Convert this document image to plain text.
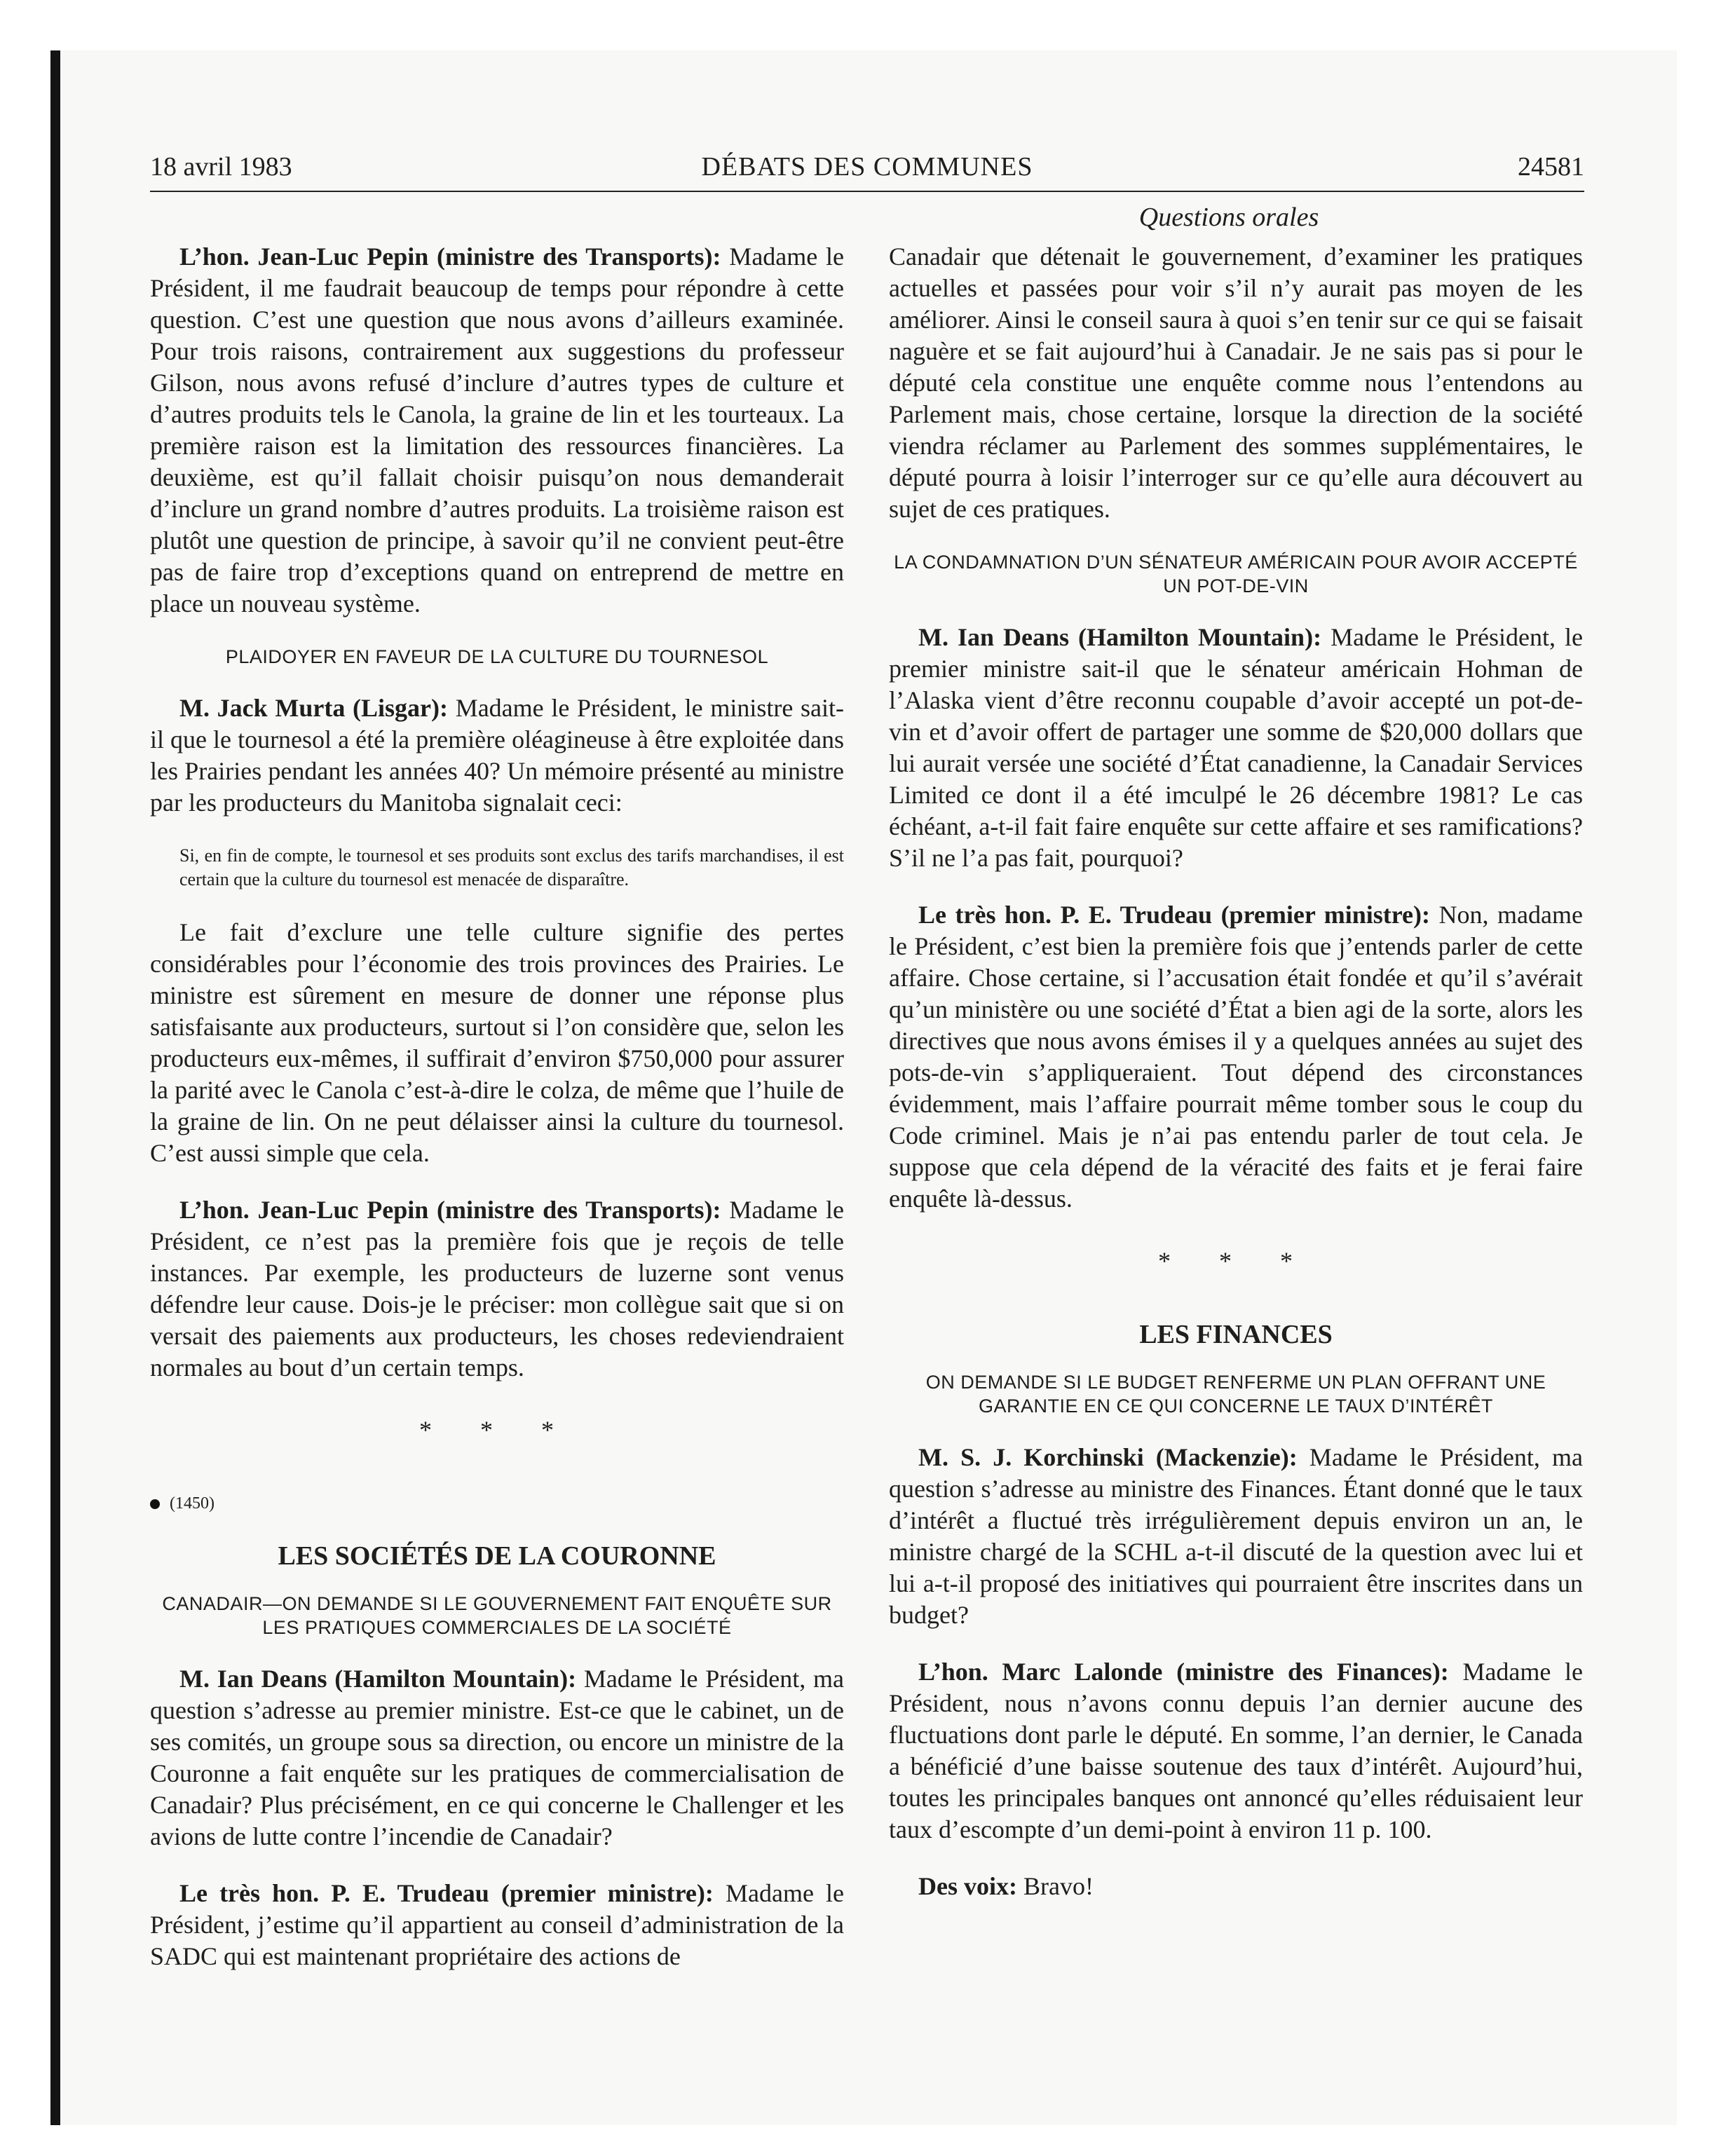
18 avril 1983	DÉBATS DES COMMUNES	24581
Questions orales

L’hon. Jean-Luc Pepin (ministre des Transports): Madame le Président, il me faudrait beaucoup de temps pour répondre à cette question. C’est une question que nous avons d’ailleurs examinée. Pour trois raisons, contrairement aux suggestions du professeur Gilson, nous avons refusé d’inclure d’autres types de culture et d’autres produits tels le Canola, la graine de lin et les tourteaux. La première raison est la limitation des ressources financières. La deuxième, est qu’il fallait choisir puisqu’on nous demanderait d’inclure un grand nombre d’autres produits. La troisième raison est plutôt une question de principe, à savoir qu’il ne convient peut-être pas de faire trop d’exceptions quand on entreprend de mettre en place un nouveau système.

PLAIDOYER EN FAVEUR DE LA CULTURE DU TOURNESOL

M. Jack Murta (Lisgar): Madame le Président, le ministre sait-il que le tournesol a été la première oléagineuse à être exploitée dans les Prairies pendant les années 40? Un mémoire présenté au ministre par les producteurs du Manitoba signalait ceci:

Si, en fin de compte, le tournesol et ses produits sont exclus des tarifs marchandises, il est certain que la culture du tournesol est menacée de disparaître.

Le fait d’exclure une telle culture signifie des pertes considérables pour l’économie des trois provinces des Prairies. Le ministre est sûrement en mesure de donner une réponse plus satisfaisante aux producteurs, surtout si l’on considère que, selon les producteurs eux-mêmes, il suffirait d’environ $750,000 pour assurer la parité avec le Canola c’est-à-dire le colza, de même que l’huile de la graine de lin. On ne peut délaisser ainsi la culture du tournesol. C’est aussi simple que cela.

L’hon. Jean-Luc Pepin (ministre des Transports): Madame le Président, ce n’est pas la première fois que je reçois de telle instances. Par exemple, les producteurs de luzerne sont venus défendre leur cause. Dois-je le préciser: mon collègue sait que si on versait des paiements aux producteurs, les choses redeviendraient normales au bout d’un certain temps.

* * *
(1450)
LES SOCIÉTÉS DE LA COURONNE
CANADAIR—ON DEMANDE SI LE GOUVERNEMENT FAIT ENQUÊTE SUR LES PRATIQUES COMMERCIALES DE LA SOCIÉTÉ

M. Ian Deans (Hamilton Mountain): Madame le Président, ma question s’adresse au premier ministre. Est-ce que le cabinet, un de ses comités, un groupe sous sa direction, ou encore un ministre de la Couronne a fait enquête sur les pratiques de commercialisation de Canadair? Plus précisément, en ce qui concerne le Challenger et les avions de lutte contre l’incendie de Canadair?

Le très hon. P. E. Trudeau (premier ministre): Madame le Président, j’estime qu’il appartient au conseil d’administration de la SADC qui est maintenant propriétaire des actions de

Canadair que détenait le gouvernement, d’examiner les pratiques actuelles et passées pour voir s’il n’y aurait pas moyen de les améliorer. Ainsi le conseil saura à quoi s’en tenir sur ce qui se faisait naguère et se fait aujourd’hui à Canadair. Je ne sais pas si pour le député cela constitue une enquête comme nous l’entendons au Parlement mais, chose certaine, lorsque la direction de la société viendra réclamer au Parlement des sommes supplémentaires, le député pourra à loisir l’interroger sur ce qu’elle aura découvert au sujet de ces pratiques.

LA CONDAMNATION D’UN SÉNATEUR AMÉRICAIN POUR AVOIR ACCEPTÉ UN POT-DE-VIN

M. Ian Deans (Hamilton Mountain): Madame le Président, le premier ministre sait-il que le sénateur américain Hohman de l’Alaska vient d’être reconnu coupable d’avoir accepté un pot-de-vin et d’avoir offert de partager une somme de $20,000 dollars que lui aurait versée une société d’État canadienne, la Canadair Services Limited ce dont il a été imculpé le 26 décembre 1981? Le cas échéant, a-t-il fait faire enquête sur cette affaire et ses ramifications? S’il ne l’a pas fait, pourquoi?

Le très hon. P. E. Trudeau (premier ministre): Non, madame le Président, c’est bien la première fois que j’entends parler de cette affaire. Chose certaine, si l’accusation était fondée et qu’il s’avérait qu’un ministère ou une société d’État a bien agi de la sorte, alors les directives que nous avons émises il y a quelques années au sujet des pots-de-vin s’appliqueraient. Tout dépend des circonstances évidemment, mais l’affaire pourrait même tomber sous le coup du Code criminel. Mais je n’ai pas entendu parler de tout cela. Je suppose que cela dépend de la véracité des faits et je ferai faire enquête là-dessus.

* * *
LES FINANCES
ON DEMANDE SI LE BUDGET RENFERME UN PLAN OFFRANT UNE GARANTIE EN CE QUI CONCERNE LE TAUX D’INTÉRÊT

M. S. J. Korchinski (Mackenzie): Madame le Président, ma question s’adresse au ministre des Finances. Étant donné que le taux d’intérêt a fluctué très irrégulièrement depuis environ un an, le ministre chargé de la SCHL a-t-il discuté de la question avec lui et lui a-t-il proposé des initiatives qui pourraient être inscrites dans un budget?

L’hon. Marc Lalonde (ministre des Finances): Madame le Président, nous n’avons connu depuis l’an dernier aucune des fluctuations dont parle le député. En somme, l’an dernier, le Canada a bénéficié d’une baisse soutenue des taux d’intérêt. Aujourd’hui, toutes les principales banques ont annoncé qu’elles réduisaient leur taux d’escompte d’un demi-point à environ 11 p. 100.

Des voix: Bravo!
